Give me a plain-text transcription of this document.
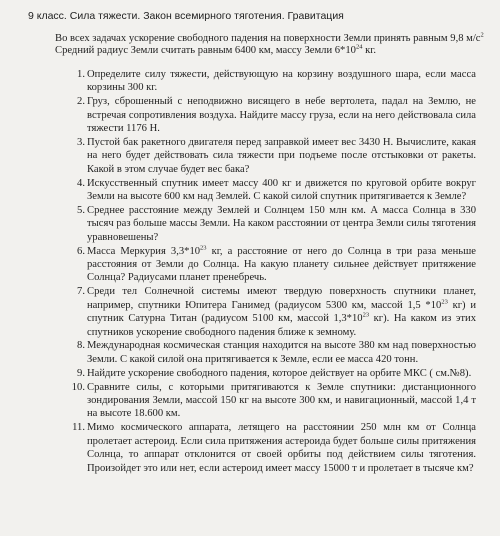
9 класс. Сила тяжести. Закон всемирного тяготения. Гравитация
Во всех задачах ускорение свободного падения на поверхности Земли принять равным 9,8 $м/с^2$
Средний радиус Земли считать равным 6400 км, массу Земли $6*10^{24}$ кг.
1. Определите силу тяжести, действующую на корзину воздушного шара, если масса корзины 300 кг.
2. Груз, сброшенный с неподвижно висящего в небе вертолета, падал на Землю, не встречая сопротивления воздуха. Найдите массу груза, если на него действовала сила тяжести 1176 Н.
3. Пустой бак ракетного двигателя перед заправкой имеет вес 3430 Н. Вычислите, какая на него будет действовать сила тяжести при подъеме после отстыковки от ракеты. Какой в этом случае будет вес бака?
4. Искусственный спутник имеет массу 400 кг и движется по круговой орбите вокруг Земли на высоте 600 км над Землей. С какой силой спутник притягивается к Земле?
5. Среднее расстояние между Землей и Солнцем 150 млн км. А масса Солнца в 330 тысяч раз больше массы Земли. На каком расстоянии от центра Земли силы тяготения уравновешены?
6. Масса Меркурия $3,3*10^{23}$ кг, а расстояние от него до Солнца в три раза меньше расстояния от Земли до Солнца. На какую планету сильнее действует притяжение Солнца? Радиусами планет пренебречь.
7. Среди тел Солнечной системы имеют твердую поверхность спутники планет, например, спутники Юпитера Ганимед (радиусом 5300 км, массой 1,5 $*10^{23}$ кг) и спутник Сатурна Титан (радиусом 5100 км, массой $1,3*10^{23}$ кг). На каком из этих спутников ускорение свободного падения ближе к земному.
8. Международная космическая станция находится на высоте 380 км над поверхностью Земли. С какой силой она притягивается к Земле, если ее масса 420 тонн.
9. Найдите ускорение свободного падения, которое действует на орбите МКС ( см.№8).
10. Сравните силы, с которыми притягиваются к Земле спутники: дистанционного зондирования Земли, массой 150 кг на высоте 300 км, и навигационный, массой 1,4 т на высоте 18.600 км.
11. Мимо космического аппарата, летящего на расстоянии 250 млн км от Солнца пролетает астероид. Если сила притяжения астероида будет больше силы притяжения Солнца, то аппарат отклонится от своей орбиты под действием силы тяготения. Произойдет это или нет, если астероид имеет массу 15000 т и пролетает в тысяче км?
